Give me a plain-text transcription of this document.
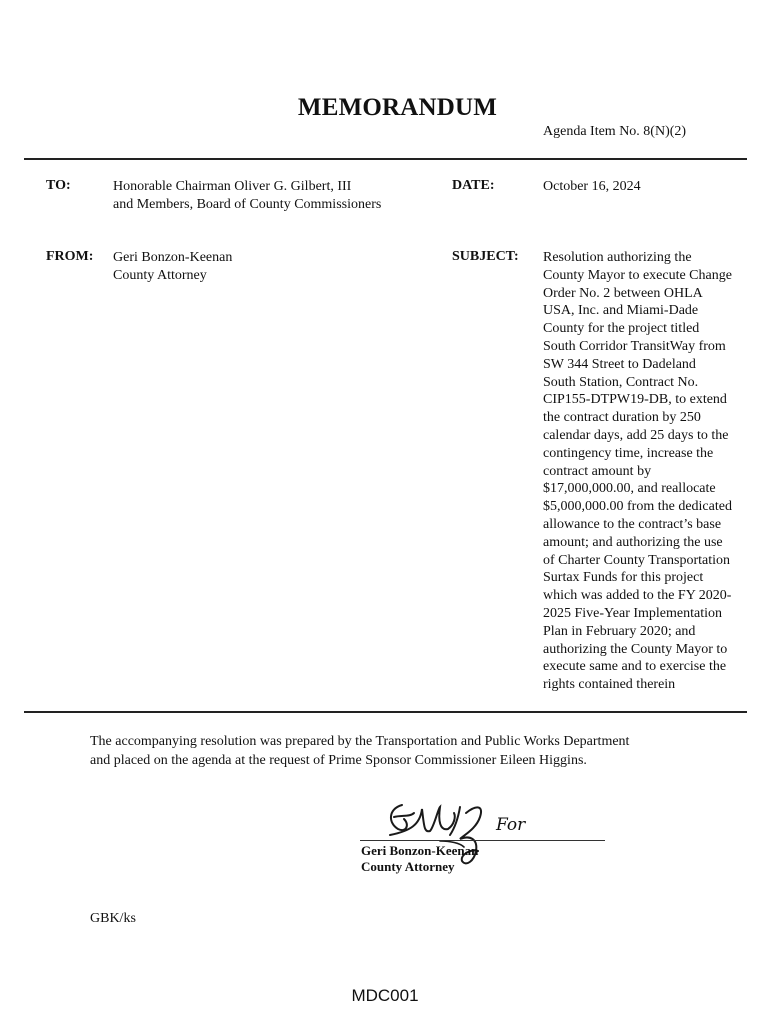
MEMORANDUM
Agenda Item No. 8(N)(2)
TO:	Honorable Chairman Oliver G. Gilbert, III
and Members, Board of County Commissioners
DATE:	October 16, 2024
FROM: Geri Bonzon-Keenan
County Attorney
SUBJECT: Resolution authorizing the
County Mayor to execute Change
Order No. 2 between OHLA
USA, Inc. and Miami-Dade
County for the project titled
South Corridor TransitWay from
SW 344 Street to Dadeland
South Station, Contract No.
CIP155-DTPW19-DB, to extend
the contract duration by 250
calendar days, add 25 days to the
contingency time, increase the
contract amount by
$17,000,000.00, and reallocate
$5,000,000.00 from the dedicated
allowance to the contract’s base
amount; and authorizing the use
of Charter County Transportation
Surtax Funds for this project
which was added to the FY 2020-
2025 Five-Year Implementation
Plan in February 2020; and
authorizing the County Mayor to
execute same and to exercise the
rights contained therein
The accompanying resolution was prepared by the Transportation and Public Works Department
and placed on the agenda at the request of Prime Sponsor Commissioner Eileen Higgins.
For
Geri Bonzon-Keenan
County Attorney
GBK/ks
MDC001
